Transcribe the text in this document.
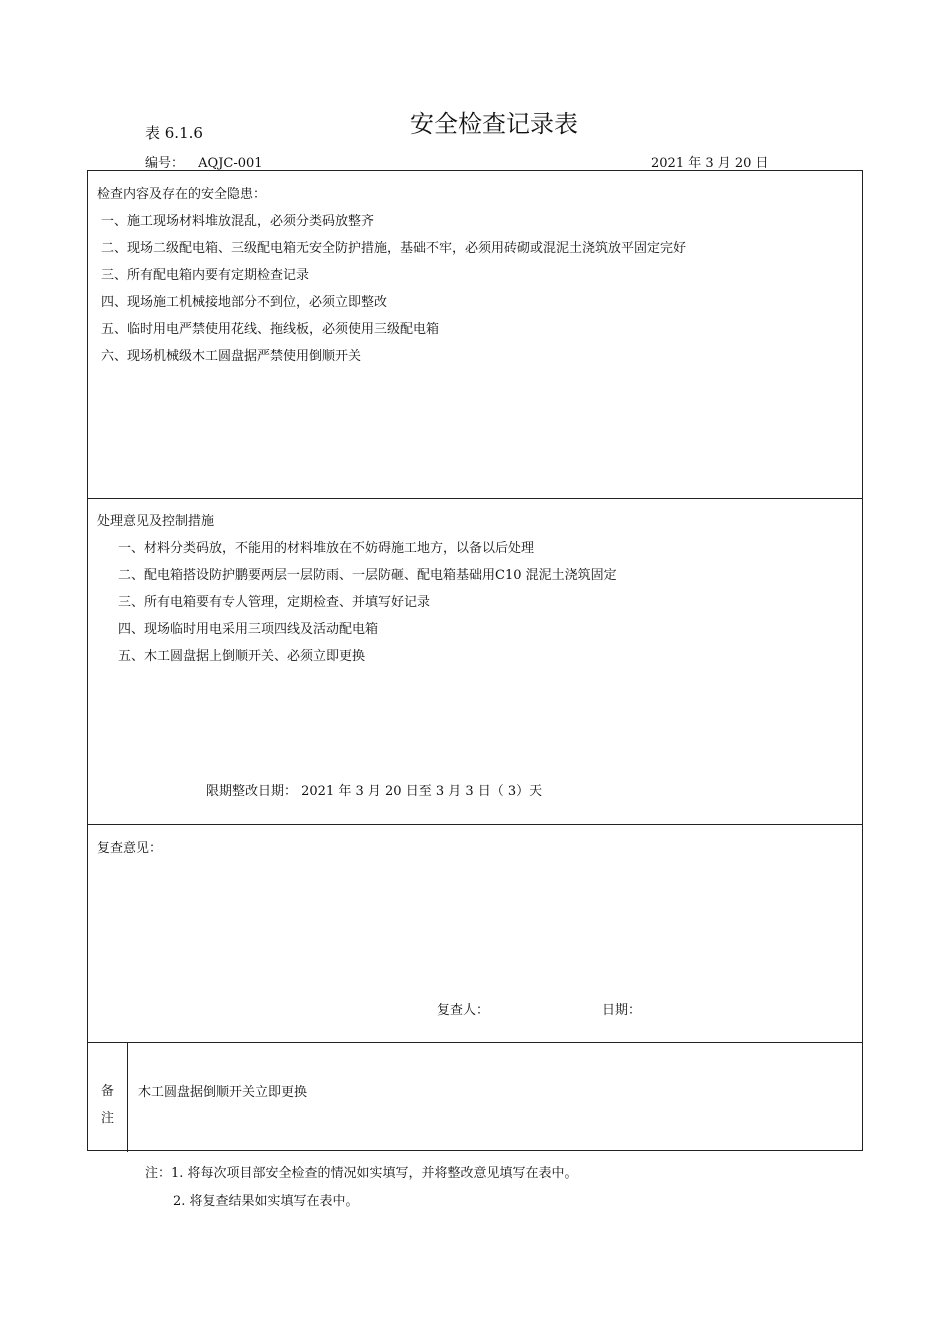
表 6.1.6	安全检查记录表
编号： AQJC-001	2021 年 3 月 20 日
检查内容及存在的安全隐患：
一、施工现场材料堆放混乱，必须分类码放整齐
二、现场二级配电箱、三级配电箱无安全防护措施，基础不牢，必须用砖砌或混泥土浇筑放平固定完好
三、所有配电箱内要有定期检查记录
四、现场施工机械接地部分不到位，必须立即整改
五、临时用电严禁使用花线、拖线板，必须使用三级配电箱
六、现场机械级木工圆盘据严禁使用倒顺开关
处理意见及控制措施
一、材料分类码放，不能用的材料堆放在不妨碍施工地方，以备以后处理
二、配电箱搭设防护鹏要两层一层防雨、一层防砸、配电箱基础用C10 混泥土浇筑固定
三、所有电箱要有专人管理，定期检查、并填写好记录
四、现场临时用电采用三项四线及活动配电箱
五、木工圆盘据上倒顺开关、必须立即更换
限期整改日期： 2021 年 3 月 20 日至 3 月 3 日（ 3）天
复查意见：
复查人：	日期：
备
注
木工圆盘据倒顺开关立即更换
注：1. 将每次项目部安全检查的情况如实填写，并将整改意见填写在表中。
2. 将复查结果如实填写在表中。
